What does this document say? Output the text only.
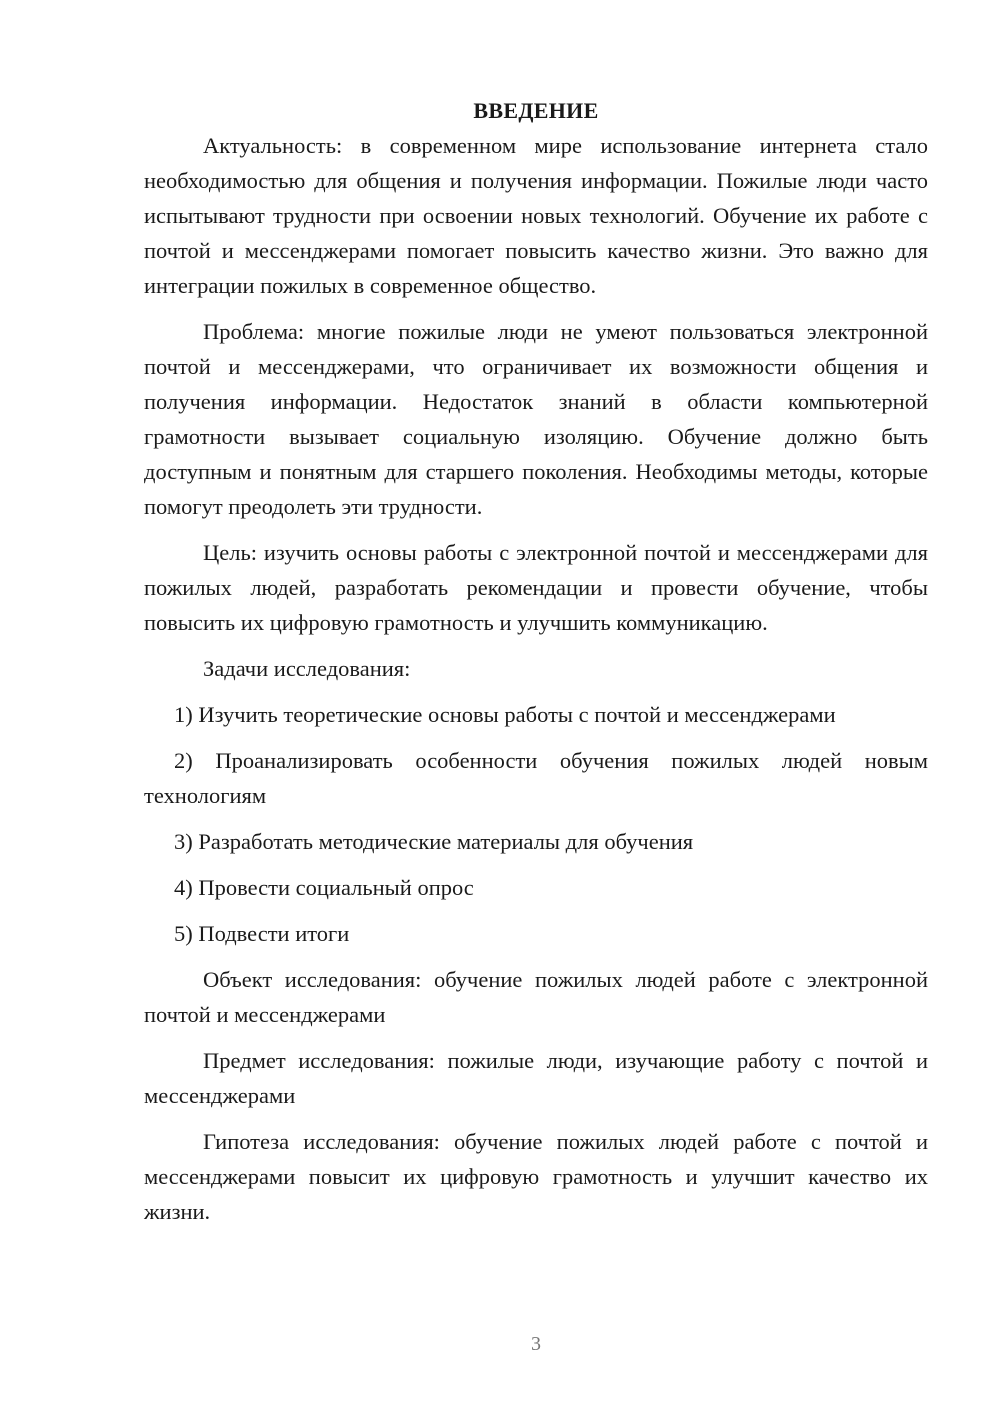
ВВЕДЕНИЕ

Актуальность: в современном мире использование интернета стало необходимостью для общения и получения информации. Пожилые люди часто испытывают трудности при освоении новых технологий. Обучение их работе с почтой и мессенджерами помогает повысить качество жизни. Это важно для интеграции пожилых в современное общество.

Проблема: многие пожилые люди не умеют пользоваться электронной почтой и мессенджерами, что ограничивает их возможности общения и получения информации. Недостаток знаний в области компьютерной грамотности вызывает социальную изоляцию. Обучение должно быть доступным и понятным для старшего поколения. Необходимы методы, которые помогут преодолеть эти трудности.

Цель: изучить основы работы с электронной почтой и мессенджерами для пожилых людей, разработать рекомендации и провести обучение, чтобы повысить их цифровую грамотность и улучшить коммуникацию.

Задачи исследования:

1) Изучить теоретические основы работы с почтой и мессенджерами

2) Проанализировать особенности обучения пожилых людей новым технологиям

3) Разработать методические материалы для обучения

4) Провести социальный опрос

5) Подвести итоги

Объект исследования: обучение пожилых людей работе с электронной почтой и мессенджерами

Предмет исследования: пожилые люди, изучающие работу с почтой и мессенджерами

Гипотеза исследования: обучение пожилых людей работе с почтой и мессенджерами повысит их цифровую грамотность и улучшит качество их жизни.

3
